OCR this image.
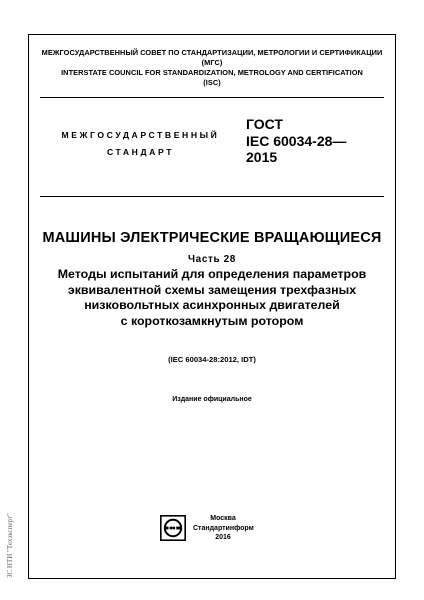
МЕЖГОСУДАРСТВЕННЫЙ СОВЕТ ПО СТАНДАРТИЗАЦИИ, МЕТРОЛОГИИ И СЕРТИФИКАЦИИ
(МГС)
INTERSTATE COUNCIL FOR STANDARDIZATION, METROLOGY AND CERTIFICATION
(ISC)
МЕЖГОСУДАРСТВЕННЫЙ
СТАНДАРТ
ГОСТ
IEC 60034-28—
2015
МАШИНЫ ЭЛЕКТРИЧЕСКИЕ ВРАЩАЮЩИЕСЯ
Часть 28
Методы испытаний для определения параметров
эквивалентной схемы замещения трехфазных
низковольтных асинхронных двигателей
с короткозамкнутым ротором
(IEC 60034-28:2012, IDT)
Издание официальное
СТ
Москва
Стандартинформ
2016
ЗС НТИ "Техэксперт"
